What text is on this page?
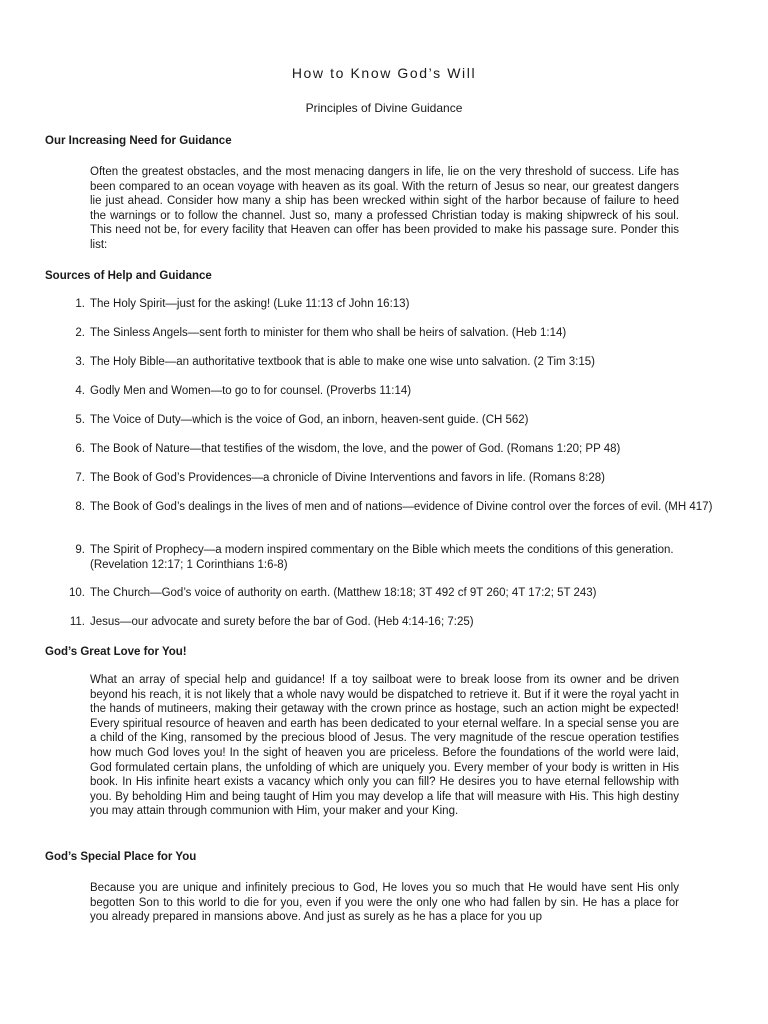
How to Know God’s Will
Principles of Divine Guidance
Our Increasing Need for Guidance

Often the greatest obstacles, and the most menacing dangers in life, lie on the very threshold of success. Life has been compared to an ocean voyage with heaven as its goal. With the return of Jesus so near, our greatest dangers lie just ahead. Consider how many a ship has been wrecked within sight of the harbor because of failure to heed the warnings or to follow the channel. Just so, many a professed Christian today is making shipwreck of his soul. This need not be, for every facility that Heaven can offer has been provided to make his passage sure. Ponder this list:

Sources of Help and Guidance
1. The Holy Spirit—just for the asking! (Luke 11:13 cf John 16:13)
2. The Sinless Angels—sent forth to minister for them who shall be heirs of salvation. (Heb 1:14)
3. The Holy Bible—an authoritative textbook that is able to make one wise unto salvation. (2 Tim 3:15)
4. Godly Men and Women—to go to for counsel. (Proverbs 11:14)
5. The Voice of Duty—which is the voice of God, an inborn, heaven-sent guide. (CH 562)
6. The Book of Nature—that testifies of the wisdom, the love, and the power of God. (Romans 1:20; PP 48)
7. The Book of God’s Providences—a chronicle of Divine Interventions and favors in life. (Romans 8:28)
8. The Book of God’s dealings in the lives of men and of nations—evidence of Divine control over the forces of evil. (MH 417)
9. The Spirit of Prophecy—a modern inspired commentary on the Bible which meets the conditions of this generation. (Revelation 12:17; 1 Corinthians 1:6-8)
10. The Church—God’s voice of authority on earth. (Matthew 18:18; 3T 492 cf 9T 260; 4T 17:2; 5T 243)
11. Jesus—our advocate and surety before the bar of God. (Heb 4:14-16; 7:25)
God’s Great Love for You!

What an array of special help and guidance! If a toy sailboat were to break loose from its owner and be driven beyond his reach, it is not likely that a whole navy would be dispatched to retrieve it. But if it were the royal yacht in the hands of mutineers, making their getaway with the crown prince as hostage, such an action might be expected! Every spiritual resource of heaven and earth has been dedicated to your eternal welfare. In a special sense you are a child of the King, ransomed by the precious blood of Jesus. The very magnitude of the rescue operation testifies how much God loves you! In the sight of heaven you are priceless. Before the foundations of the world were laid, God formulated certain plans, the unfolding of which are uniquely you. Every member of your body is written in His book. In His infinite heart exists a vacancy which only you can fill? He desires you to have eternal fellowship with you. By beholding Him and being taught of Him you may develop a life that will measure with His. This high destiny you may attain through communion with Him, your maker and your King.

God’s Special Place for You

Because you are unique and infinitely precious to God, He loves you so much that He would have sent His only begotten Son to this world to die for you, even if you were the only one who had fallen by sin. He has a place for you already prepared in mansions above. And just as surely as he has a place for you up
